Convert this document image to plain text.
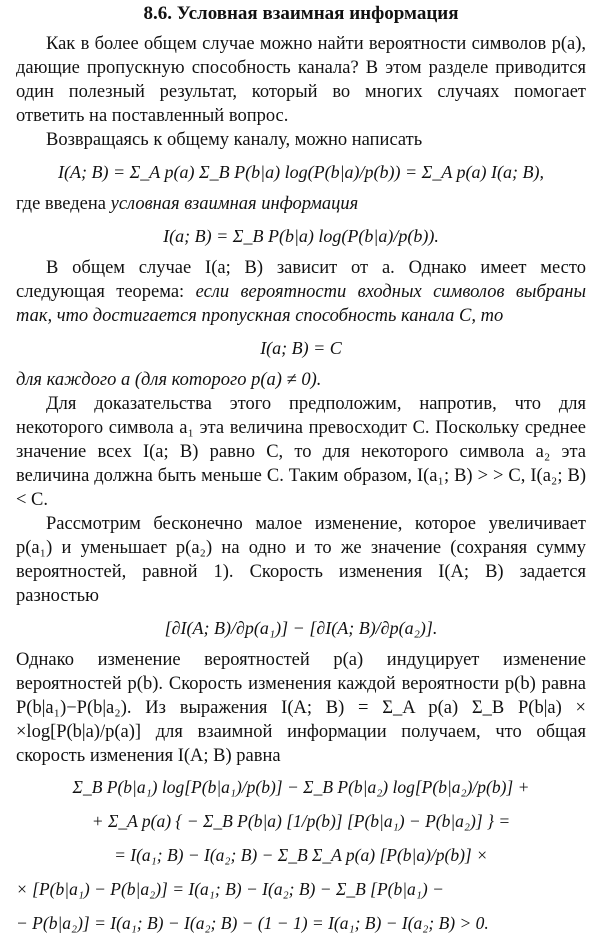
8.6. Условная взаимная информация

Как в более общем случае можно найти вероятности символов p(a), дающие пропускную способность канала? В этом разделе приводится один полезный результат, который во многих случаях помогает ответить на поставленный вопрос.

Возвращаясь к общему каналу, можно написать

I(A; B) = Σ_A p(a) Σ_B P(b|a) log(P(b|a)/p(b)) = Σ_A p(a) I(a; B),

где введена условная взаимная информация

I(a; B) = Σ_B P(b|a) log(P(b|a)/p(b)).

В общем случае I(a; B) зависит от a. Однако имеет место следующая теорема: если вероятности входных символов выбраны так, что достигается пропускная способность канала C, то

I(a; B) = C

для каждого a (для которого p(a) ≠ 0).

Для доказательства этого предположим, напротив, что для некоторого символа a₁ эта величина превосходит C. Поскольку среднее значение всех I(a; B) равно C, то для некоторого символа a₂ эта величина должна быть меньше C. Таким образом, I(a₁; B) > > C, I(a₂; B) < C.

Рассмотрим бесконечно малое изменение, которое увеличивает p(a₁) и уменьшает p(a₂) на одно и то же значение (сохраняя сумму вероятностей, равной 1). Скорость изменения I(A; B) задается разностью

[∂I(A; B)/∂p(a₁)] − [∂I(A; B)/∂p(a₂)].

Однако изменение вероятностей p(a) индуцирует изменение вероятностей p(b). Скорость изменения каждой вероятности p(b) равна P(b|a₁)−P(b|a₂). Из выражения I(A; B) = Σ_A p(a) Σ_B P(b|a) × ×log[P(b|a)/p(a)] для взаимной информации получаем, что общая скорость изменения I(A; B) равна

Σ_B P(b|a₁) log[P(b|a₁)/p(b)] − Σ_B P(b|a₂) log[P(b|a₂)/p(b)] +
+ Σ_A p(a) { − Σ_B P(b|a) [1/p(b)] [P(b|a₁) − P(b|a₂)] } =
= I(a₁; B) − I(a₂; B) − Σ_B Σ_A p(a) [P(b|a)/p(b)] ×
× [P(b|a₁) − P(b|a₂)] = I(a₁; B) − I(a₂; B) − Σ_B [P(b|a₁) −
− P(b|a₂)] = I(a₁; B) − I(a₂; B) − (1 − 1) = I(a₁; B) − I(a₂; B) > 0.
